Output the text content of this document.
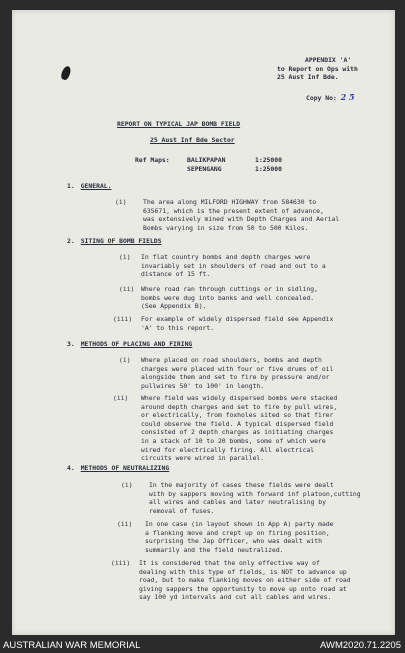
APPENDIX 'A'
to Report on Ops with
25 Aust Inf Bde.
Copy No: 2 5
REPORT ON TYPICAL JAP BOMB FIELD
25 Aust Inf Bde Sector
Ref Maps:	BALIKPAPAN	1:25000
SEPENGANG	1:25000
1. GENERAL.
(i)	The area along MILFORD HIGHWAY from 584630 to
635671, which is the present extent of advance,
was extensively mined with Depth Charges and Aerial
Bombs varying in size from 50 to 500 Kilos.
2. SITING OF BOMB FIELDS
(i) In flat country bombs and depth charges were
invariably set in shoulders of road and out to a
distance of 15 ft.
(ii) Where road ran through cuttings or in sidling,
bombs were dug into banks and well concealed.
(See Appendix B).
(iii) For example of widely dispersed field see Appendix
'A' to this report.
3. METHODS OF PLACING AND FIRING
(i) Where placed on road shoulders, bombs and depth
charges were placed with four or five drums of oil
alongside them and set to fire by pressure and/or
pullwires 50' to 100' in length.
(ii) Where field was widely dispersed bombs were stacked
around depth charges and set to fire by pull wires,
or electrically, from foxholes sited so that firer
could observe the field. A typical dispersed field
consisted of 2 depth charges as initiating charges
in a stack of 10 to 20 bombs, some of which were
wired for electrically firing. All electrical
circuits were wired in parallel.
4. METHODS OF NEUTRALIZING
(i)	In the majority of cases these fields were dealt
with by sappers moving with forward inf platoon,cutting
all wires and cables and later neutralising by
removal of fuses.
(ii) In one case (in layout shown in App A) party made
a flanking move and crept up on firing position,
surprising the Jap Officer, who was dealt with
summarily and the field neutralized.
(iii) It is considered that the only effective way of
dealing with this type of fields, is NOT to advance up
road, but to make flanking moves on either side of road
giving sappers the opportunity to move up onto road at
say 100 yd intervals and cut all cables and wires.
AUSTRALIAN WAR MEMORIAL	AWM2020.71.2205
